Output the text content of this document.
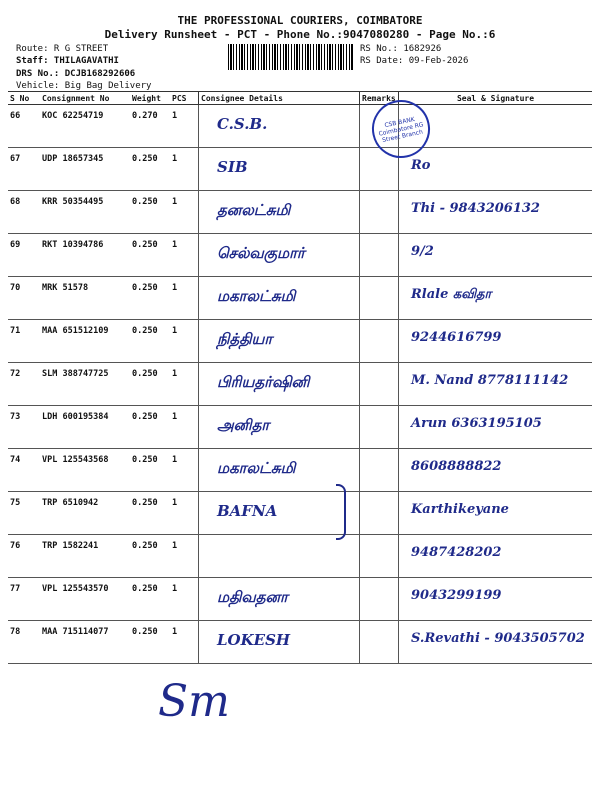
THE PROFESSIONAL COURIERS, COIMBATORE
Delivery Runsheet - PCT - Phone No.:9047080280 - Page No.:6
Route: R G STREET
Staff: THILAGAVATHI
DRS No.: DCJB168292606
Vehicle: Big Bag Delivery
RS No.: 1682926
RS Date: 09-Feb-2026
S No	Consignment No	Weight	PCS	Consignee Details	Remarks	Seal & Signature
66	KOC 62254719	0.270	1	C.S.B.		

67	UDP 18657345	0.250	1	SIB		Ro

68	KRR 50354495	0.250	1	தனலட்சுமி		Thi - 9843206132

69	RKT 10394786	0.250	1	செல்வகுமார்		9/2

70	MRK 51578	0.250	1	மகாலட்சுமி		Rlale கவிதா

71	MAA 651512109	0.250	1	நித்தியா		9244616799

72	SLM 388747725	0.250	1	பிரியதர்ஷினி		M. Nand 8778111142

73	LDH 600195384	0.250	1	அனிதா		Arun 6363195105

74	VPL 125543568	0.250	1	மகாலட்சுமி		8608888822

75	TRP 6510942	0.250	1	BAFNA		Karthikeyane

76	TRP 1582241	0.250	1			9487428202

77	VPL 125543570	0.250	1	மதிவதனா		9043299199

78	MAA 715114077	0.250	1	LOKESH		S.Revathi - 9043505702
CSB BANK Coimbatore RG Street Branch
Sm
